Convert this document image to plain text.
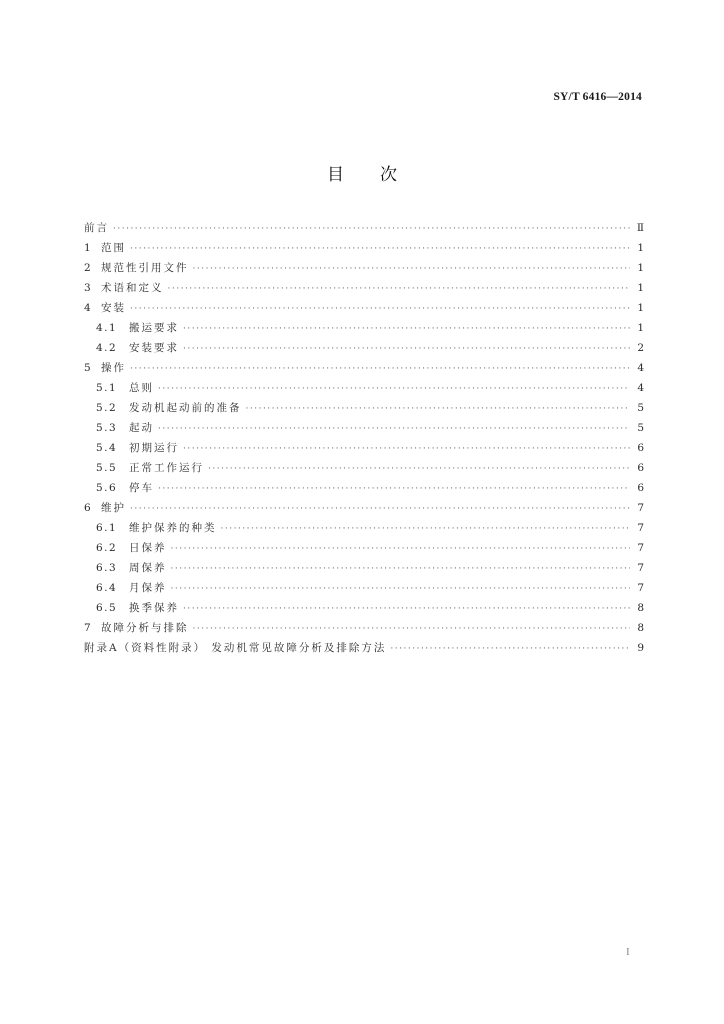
SY/T 6416—2014
目次
前言 ·····	Ⅱ
1 范围 ·····	1
2 规范性引用文件 ·····	1
3 术语和定义 ·····	1
4 安装 ·····	1
4.1	搬运要求 ·····	1
4.2	安装要求 ·····	2
5 操作 ·····	4
5.1	总则 ·····	4
5.2	发动机起动前的准备 ·····	5
5.3	起动 ·····	5
5.4	初期运行 ·····	6
5.5	正常工作运行 ·····	6
5.6	停车 ·····	6
6 维护 ·····	7
6.1	维护保养的种类 ·····	7
6.2	日保养 ·····	7
6.3	周保养 ·····	7
6.4	月保养 ·····	7
6.5	换季保养 ·····	8
7 故障分析与排除 ·····	8
附录A（资料性附录） 发动机常见故障分析及排除方法 ·····	9
I
